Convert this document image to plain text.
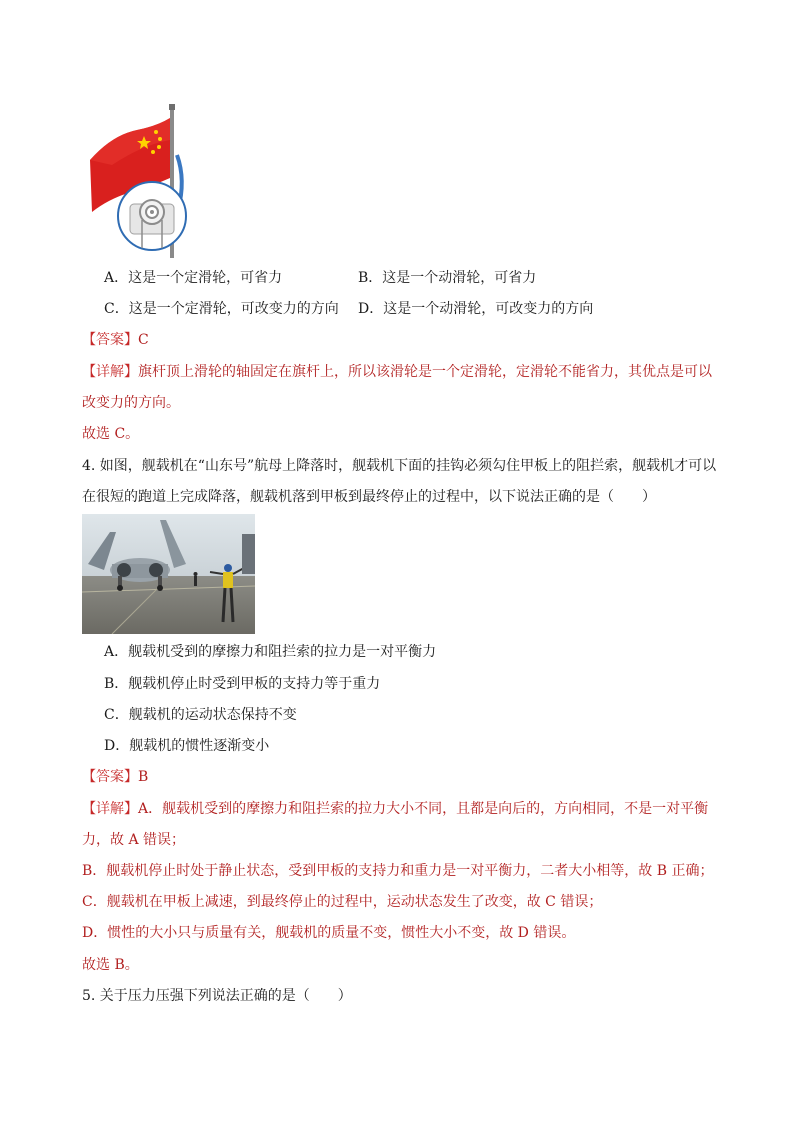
A．这是一个定滑轮，可省力	B．这是一个动滑轮，可省力
C．这是一个定滑轮，可改变力的方向 D．这是一个动滑轮，可改变力的方向
【答案】C
【详解】旗杆顶上滑轮的轴固定在旗杆上，所以该滑轮是一个定滑轮，定滑轮不能省力，其优点是可以
改变力的方向。
故选 C。
4. 如图，舰载机在“山东号”航母上降落时，舰载机下面的挂钩必须勾住甲板上的阻拦索，舰载机才可以
在很短的跑道上完成降落，舰载机落到甲板到最终停止的过程中，以下说法正确的是（　　）
A．舰载机受到的摩擦力和阻拦索的拉力是一对平衡力
B．舰载机停止时受到甲板的支持力等于重力
C．舰载机的运动状态保持不变
D．舰载机的惯性逐渐变小
【答案】B
【详解】A．舰载机受到的摩擦力和阻拦索的拉力大小不同，且都是向后的，方向相同，不是一对平衡
力，故 A 错误；
B．舰载机停止时处于静止状态，受到甲板的支持力和重力是一对平衡力，二者大小相等，故 B 正确；
C．舰载机在甲板上减速，到最终停止的过程中，运动状态发生了改变，故 C 错误；
D．惯性的大小只与质量有关，舰载机的质量不变，惯性大小不变，故 D 错误。
故选 B。
5. 关于压力压强下列说法正确的是（　　）
